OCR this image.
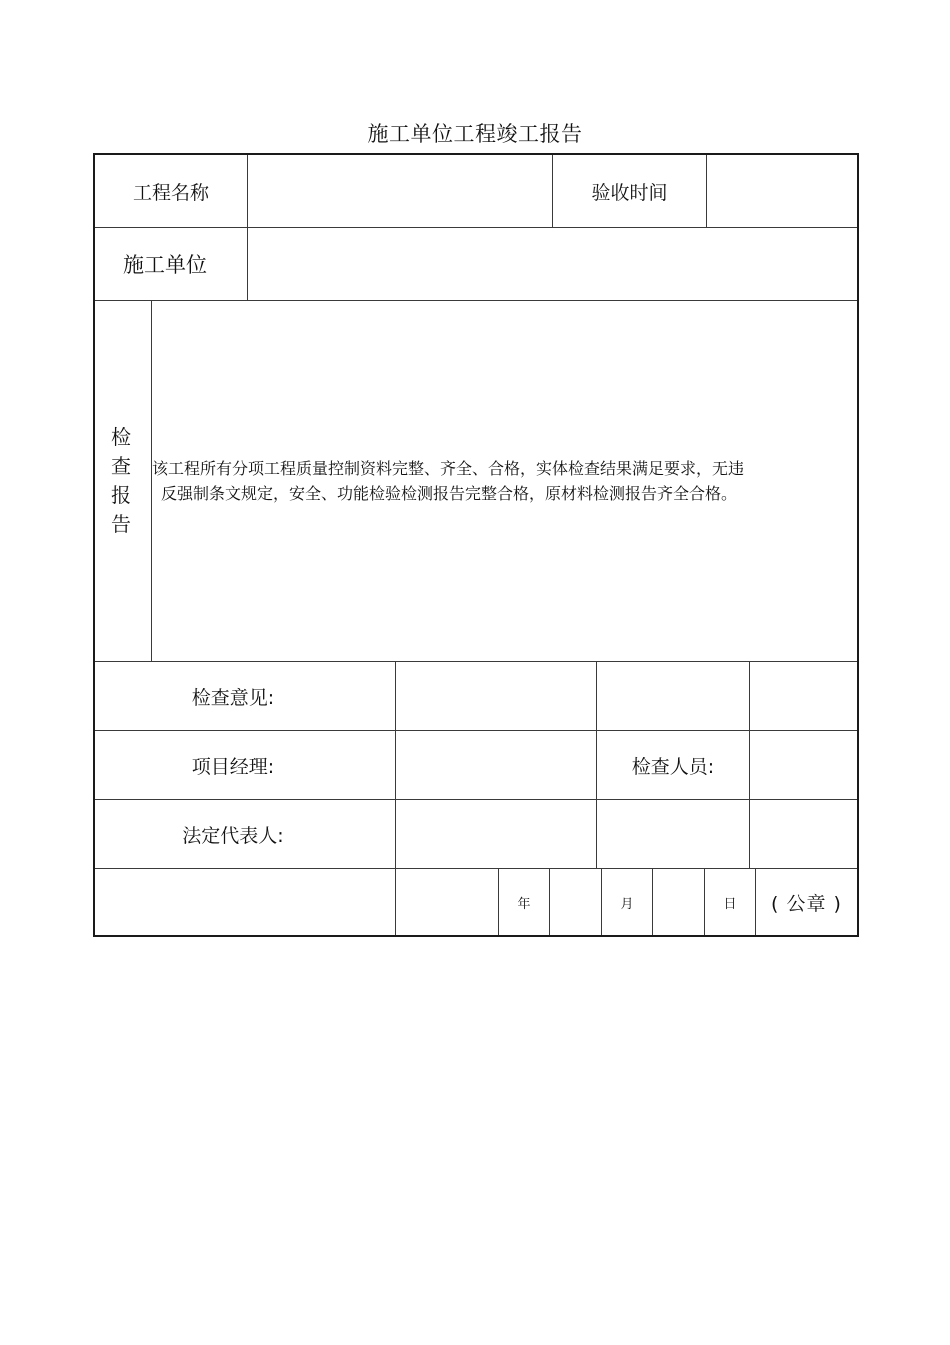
施工单位工程竣工报告
工程名称	验收时间
施工单位
检
查
报
告
该工程所有分项工程质量控制资料完整、齐全、合格，实体检查结果满足要求，无违
反强制条文规定，安全、功能检验检测报告完整合格，原材料检测报告齐全合格。
检查意见:
项目经理:	检查人员:
法定代表人:
年	月	日	( 公章 )
